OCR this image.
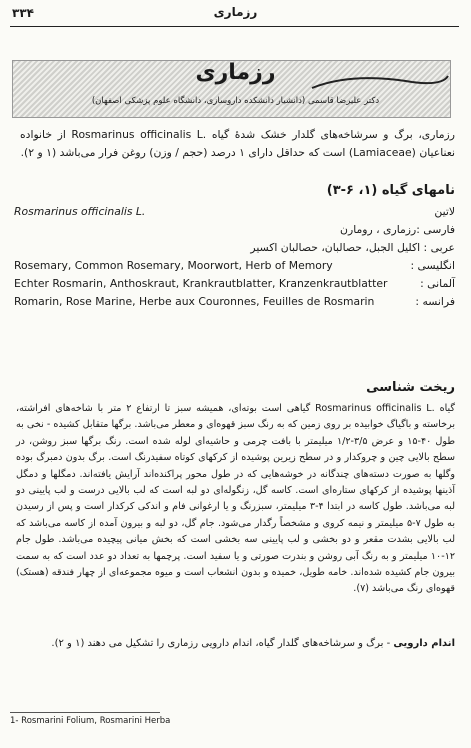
۳۳۴	رزماری
رزماری
دکتر علیرضا قاسمی (دانشیار دانشکده داروسازی، دانشگاه علوم پزشکی اصفهان)
رزماری، برگ و سرشاخه‌های گلدار خشک شدهٔ گیاه Rosmarinus officinalis L. از خانواده نعناعیان (Lamiaceae) است که حداقل دارای ۱ درصد (حجم / وزن) روغن فرار می‌باشد (۱ و ۲).
نامهای گیاه (۱، ۶-۳)
لاتین
Rosmarinus officinalis L.
فارسی :رزماری ، رومارن
عربی : اکلیل الجبل، حصالبان، حصالبان اکسیر
انگلیسی :
Rosemary, Common Rosemary, Moorwort, Herb of Memory
آلمانی :
Echter Rosmarin, Anthoskraut, Krankrautblatter, Kranzenkrautblatter
فرانسه :
Romarin, Rose Marine, Herbe aux Couronnes, Feuilles de Rosmarin
ریخت شناسی
گیاه Rosmarinus officinalis L. گیاهی است بوته‌ای، همیشه سبز تا ارتفاع ۲ متر با شاخه‌های افراشته، برخاسته و باگیاگ خوابیده بر روی زمین که به رنگ سبز قهوه‌ای و معطر می‌باشد. برگها متقابل کشیده - نخی به طول ۴۰-۱۵ و عرض ۳/۵-۱/۲ میلیمتر با بافت چرمی و حاشیه‌ای لوله شده است. رنگ برگها سبز روشن، در سطح بالایی چین و چروکدار و در سطح زیرین پوشیده از کرکهای کوتاه سفیدرنگ است. برگ بدون دمبرگ بوده وگلها به صورت دسته‌های چندگانه در خوشه‌هایی که در طول محور پراکنده‌اند آرایش یافته‌اند. دمگلها و دمگل آذینها پوشیده از کرکهای ستاره‌ای است. کاسه گل، زنگوله‌ای دو لبه است که لب بالایی درست و لب پایینی دو لبه می‌باشد. طول کاسه در ابتدا ۴-۳ میلیمتر، سبزرنگ و یا ارغوانی فام و اندکی کرکدار است و پس از رسیدن به طول ۷-۵ میلیمتر و نیمه کروی و مشخصاً رگدار می‌شود. جام گل، دو لبه و بیرون آمده از کاسه می‌باشد که لب بالایی بشدت مقعر و دو بخشی و لب پایینی سه بخشی است که بخش میانی پیچیده می‌باشد. طول جام ۱۲-۱۰ میلیمتر و به رنگ آبی روشن و بندرت صورتی و یا سفید است. پرچمها به تعداد دو عدد است که به سمت بیرون جام کشیده شده‌اند. خامه طویل، خمیده و بدون انشعاب است و میوه مجموعه‌ای از چهار فندقه (هستک) قهوه‌ای رنگ می‌باشد (۷).
اندام دارویی - برگ و سرشاخه‌های گلدار گیاه، اندام دارویی رزماری را تشکیل می دهند (۱ و ۲).
1- Rosmarini Folium, Rosmarini Herba
